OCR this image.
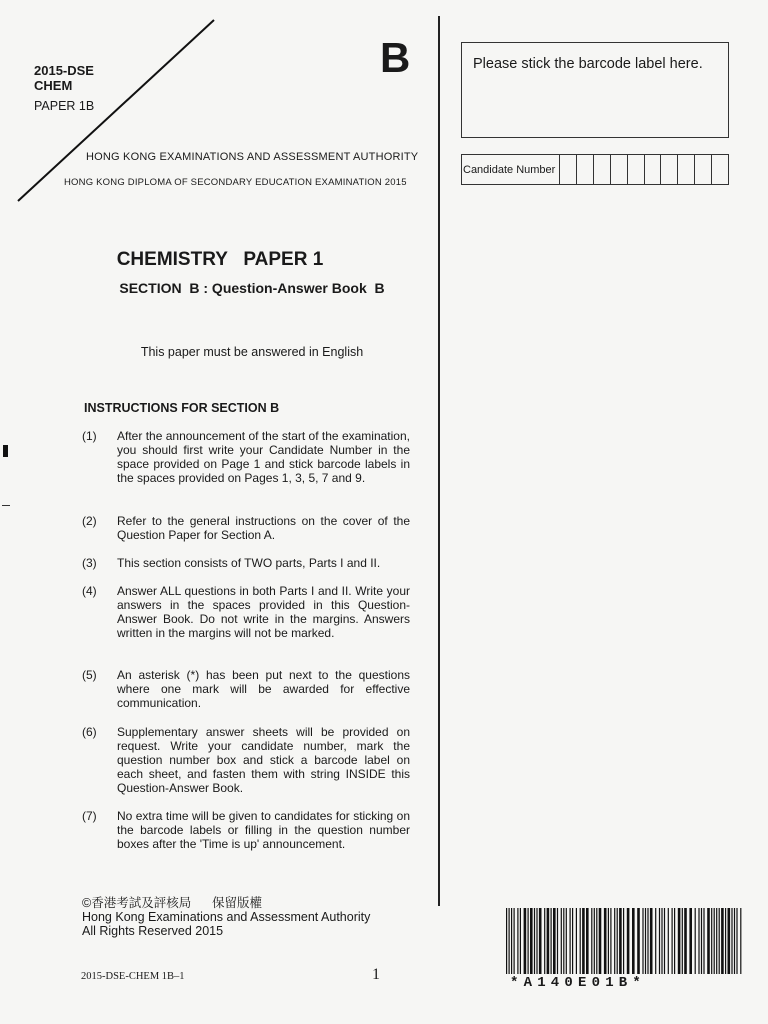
2015-DSE
CHEM
PAPER 1B
B
HONG KONG EXAMINATIONS AND ASSESSMENT AUTHORITY
HONG KONG DIPLOMA OF SECONDARY EDUCATION EXAMINATION 2015
Please stick the barcode label here.
Candidate Number
CHEMISTRY   PAPER 1
SECTION  B : Question-Answer Book  B
This paper must be answered in English
INSTRUCTIONS FOR SECTION B
(1) After the announcement of the start of the examination, you should first write your Candidate Number in the space provided on Page 1 and stick barcode labels in the spaces provided on Pages 1, 3, 5, 7 and 9.
(2) Refer to the general instructions on the cover of the Question Paper for Section A.
(3) This section consists of TWO parts, Parts I and II.
(4) Answer ALL questions in both Parts I and II. Write your answers in the spaces provided in this Question-Answer Book. Do not write in the margins. Answers written in the margins will not be marked.
(5) An asterisk (*) has been put next to the questions where one mark will be awarded for effective communication.
(6) Supplementary answer sheets will be provided on request. Write your candidate number, mark the question number box and stick a barcode label on each sheet, and fasten them with string INSIDE this Question-Answer Book.
(7) No extra time will be given to candidates for sticking on the barcode labels or filling in the question number boxes after the 'Time is up' announcement.
©香港考試及評核局      保留版權
Hong Kong Examinations and Assessment Authority
All Rights Reserved 2015
2015-DSE-CHEM 1B–1	1	*A140E01B*
